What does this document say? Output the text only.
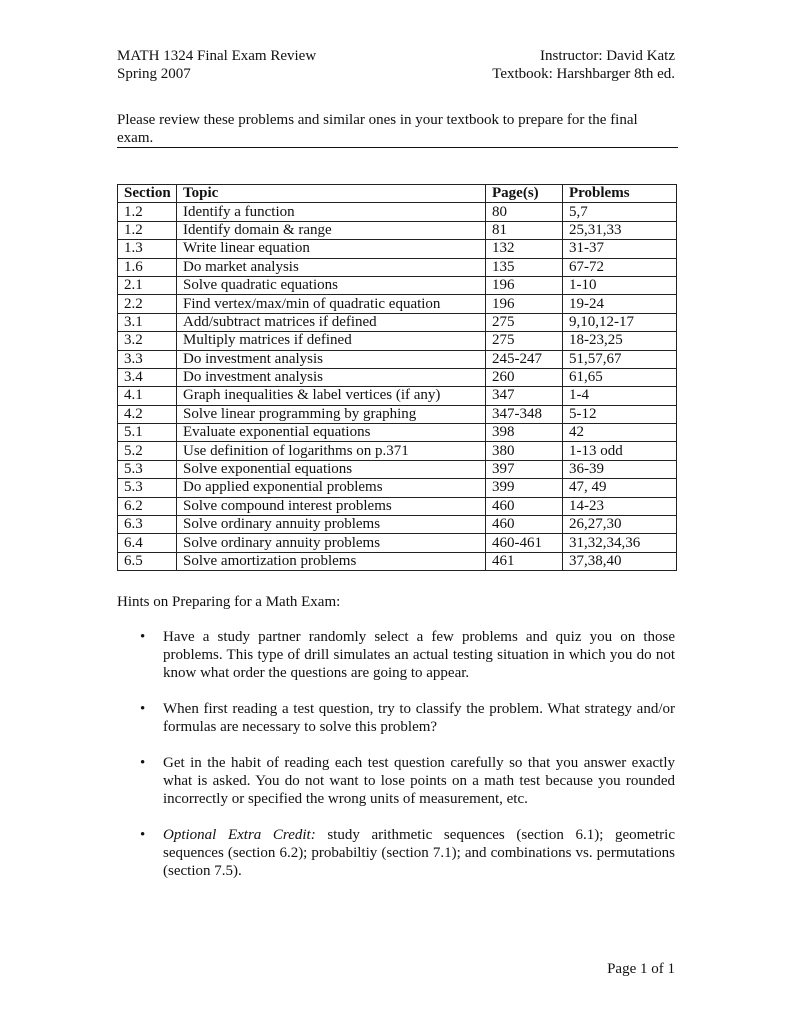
MATH 1324 Final Exam Review	Instructor: David Katz
Spring 2007	Textbook: Harshbarger 8th ed.
Please review these problems and similar ones in your textbook to prepare for the final exam.
Section	Topic	Page(s)	Problems
1.2	Identify a function	80	5,7
1.2	Identify domain & range	81	25,31,33
1.3	Write linear equation	132	31-37
1.6	Do market analysis	135	67-72
2.1	Solve quadratic equations	196	1-10
2.2	Find vertex/max/min of quadratic equation	196	19-24
3.1	Add/subtract matrices if defined	275	9,10,12-17
3.2	Multiply matrices if defined	275	18-23,25
3.3	Do investment analysis	245-247	51,57,67
3.4	Do investment analysis	260	61,65
4.1	Graph inequalities & label vertices (if any)	347	1-4
4.2	Solve linear programming by graphing	347-348	5-12
5.1	Evaluate exponential equations	398	42
5.2	Use definition of logarithms on p.371	380	1-13 odd
5.3	Solve exponential equations	397	36-39
5.3	Do applied exponential problems	399	47, 49
6.2	Solve compound interest problems	460	14-23
6.3	Solve ordinary annuity problems	460	26,27,30
6.4	Solve ordinary annuity problems	460-461	31,32,34,36
6.5	Solve amortization problems	461	37,38,40
Hints on Preparing for a Math Exam:
•	Have a study partner randomly select a few problems and quiz you on those problems. This type of drill simulates an actual testing situation in which you do not know what order the questions are going to appear.
•	When first reading a test question, try to classify the problem. What strategy and/or formulas are necessary to solve this problem?
•	Get in the habit of reading each test question carefully so that you answer exactly what is asked. You do not want to lose points on a math test because you rounded incorrectly or specified the wrong units of measurement, etc.
•	Optional Extra Credit: study arithmetic sequences (section 6.1); geometric sequences (section 6.2); probabiltiy (section 7.1); and combinations vs. permutations (section 7.5).
Page 1 of 1
